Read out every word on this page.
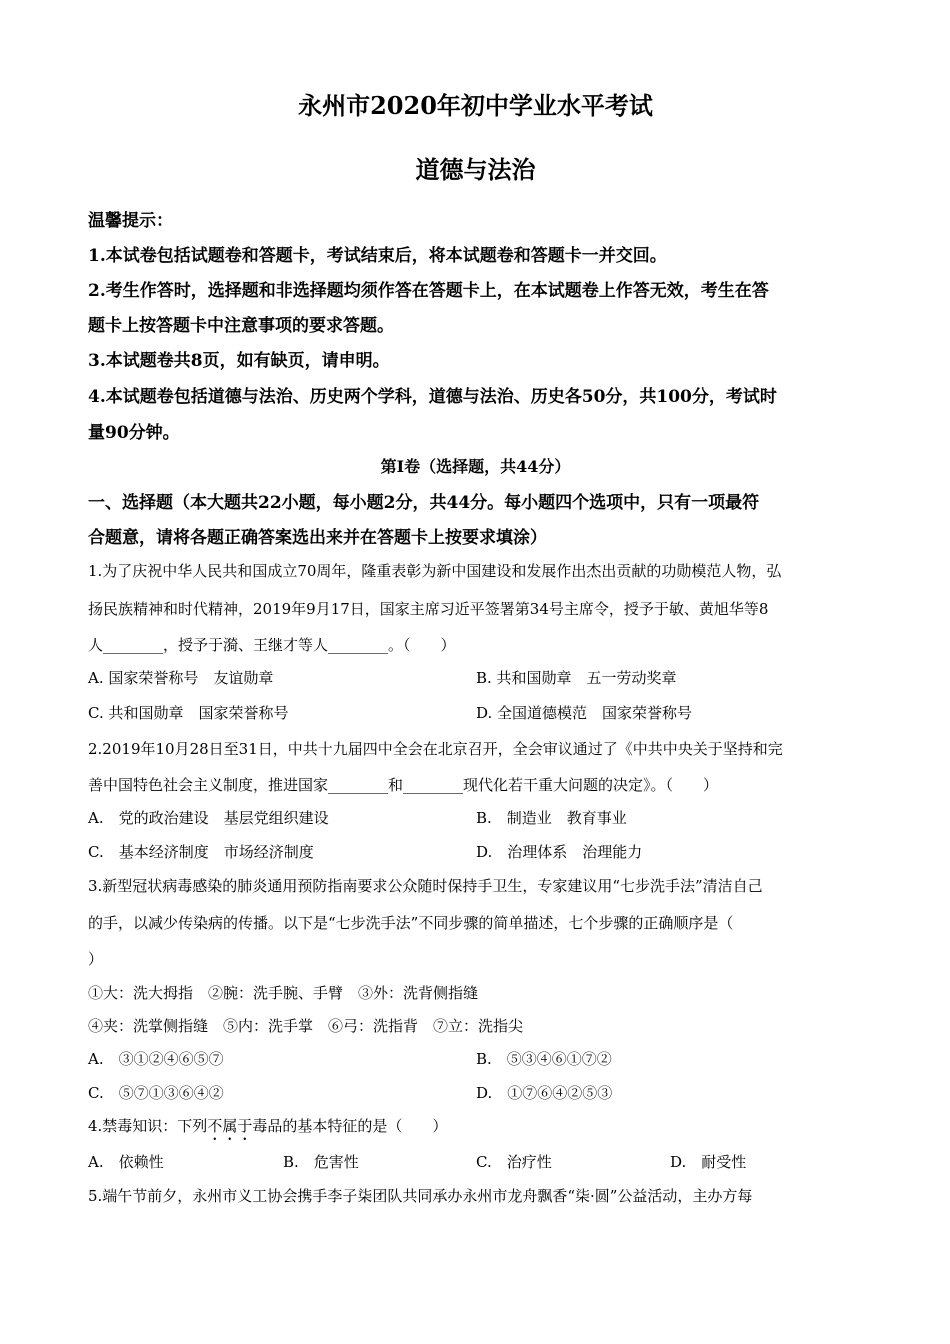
永州市2020年初中学业水平考试
道德与法治
温馨提示：
1.本试卷包括试题卷和答题卡，考试结束后，将本试题卷和答题卡一并交回。
2.考生作答时，选择题和非选择题均须作答在答题卡上，在本试题卷上作答无效，考生在答
题卡上按答题卡中注意事项的要求答题。
3.本试题卷共8页，如有缺页，请申明。
4.本试题卷包括道德与法治、历史两个学科，道德与法治、历史各50分，共100分，考试时
量90分钟。
第Ⅰ卷（选择题，共44分）
一、选择题（本大题共22小题，每小题2分，共44分。每小题四个选项中，只有一项最符
合题意，请将各题正确答案选出来并在答题卡上按要求填涂）
1.为了庆祝中华人民共和国成立70周年，隆重表彰为新中国建设和发展作出杰出贡献的功勋模范人物，弘
扬民族精神和时代精神，2019年9月17日，国家主席习近平签署第34号主席令，授予于敏、黄旭华等8
人________，授予于漪、王继才等人________。（　　）
A. 国家荣誉称号　友谊勋章	B. 共和国勋章　五一劳动奖章
C. 共和国勋章　国家荣誉称号	D. 全国道德模范　国家荣誉称号
2.2019年10月28日至31日，中共十九届四中全会在北京召开，全会审议通过了《中共中央关于坚持和完
善中国特色社会主义制度，推进国家________和________现代化若干重大问题的决定》。（　　）
A.　党的政治建设　基层党组织建设	B.　制造业　教育事业
C.　基本经济制度　市场经济制度	D.　治理体系　治理能力
3.新型冠状病毒感染的肺炎通用预防指南要求公众随时保持手卫生，专家建议用“七步洗手法”清洁自己
的手，以减少传染病的传播。以下是“七步洗手法”不同步骤的简单描述，七个步骤的正确顺序是（
）
①大：洗大拇指　②腕：洗手腕、手臂　③外：洗背侧指缝
④夹：洗掌侧指缝　⑤内：洗手掌　⑥弓：洗指背　⑦立：洗指尖
A.　③①②④⑥⑤⑦	B.　⑤③④⑥①⑦②
C.　⑤⑦①③⑥④②	D.　①⑦⑥④②⑤③
4.禁毒知识：下列不属于毒品的基本特征的是（　　）
A.　依赖性	B.　危害性	C.　治疗性	D.　耐受性
5.端午节前夕，永州市义工协会携手李子柒团队共同承办永州市龙舟飘香“柒·圆”公益活动，主办方每
